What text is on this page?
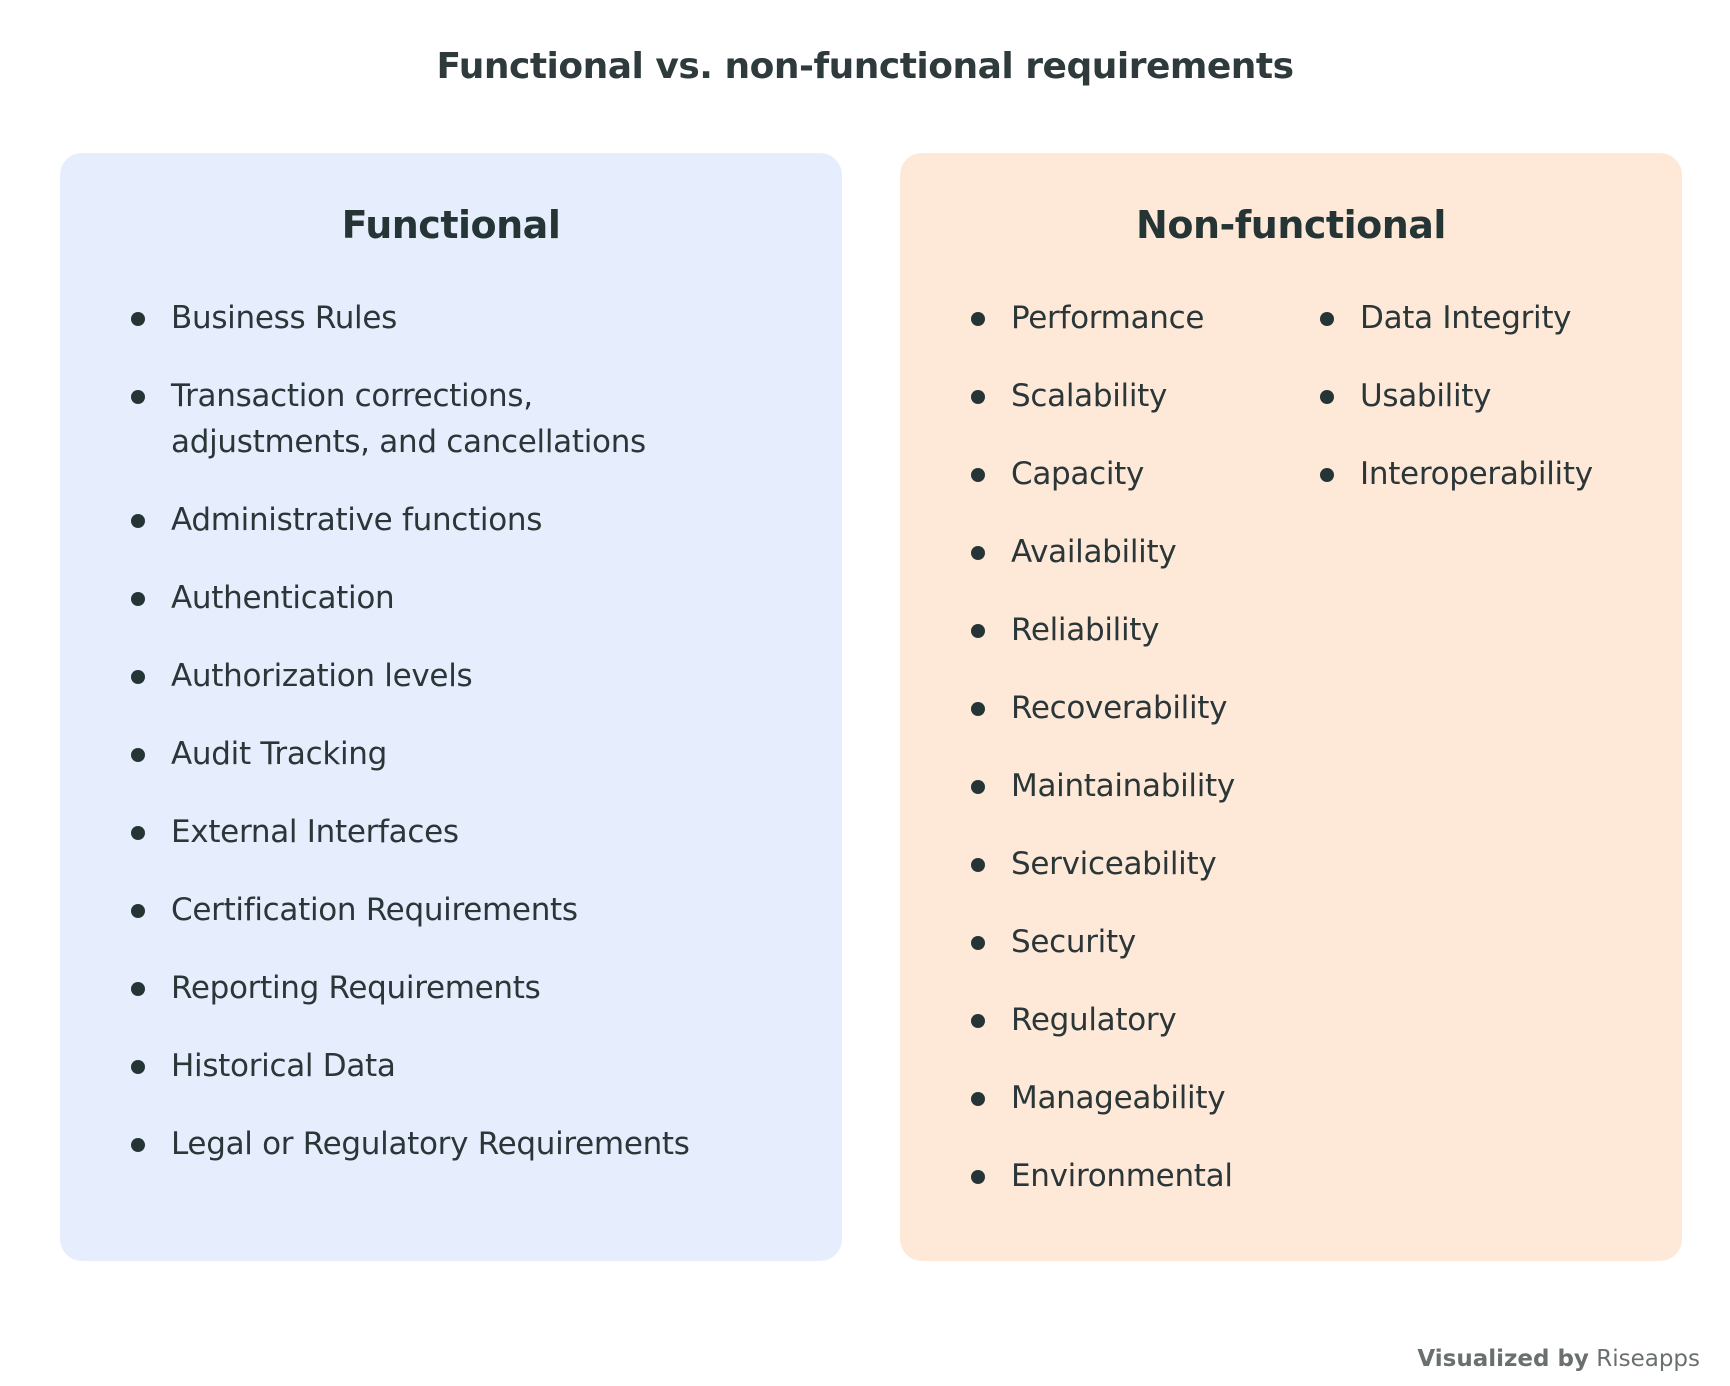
Functional vs. non-functional requirements
Functional
Business Rules
Transaction corrections, adjustments, and cancellations
Administrative functions
Authentication
Authorization levels
Audit Tracking
External Interfaces
Certification Requirements
Reporting Requirements
Historical Data
Legal or Regulatory Requirements
Non-functional
Performance
Scalability
Capacity
Availability
Reliability
Recoverability
Maintainability
Serviceability
Security
Regulatory
Manageability
Environmental
Data Integrity
Usability
Interoperability
Visualized by Riseapps
